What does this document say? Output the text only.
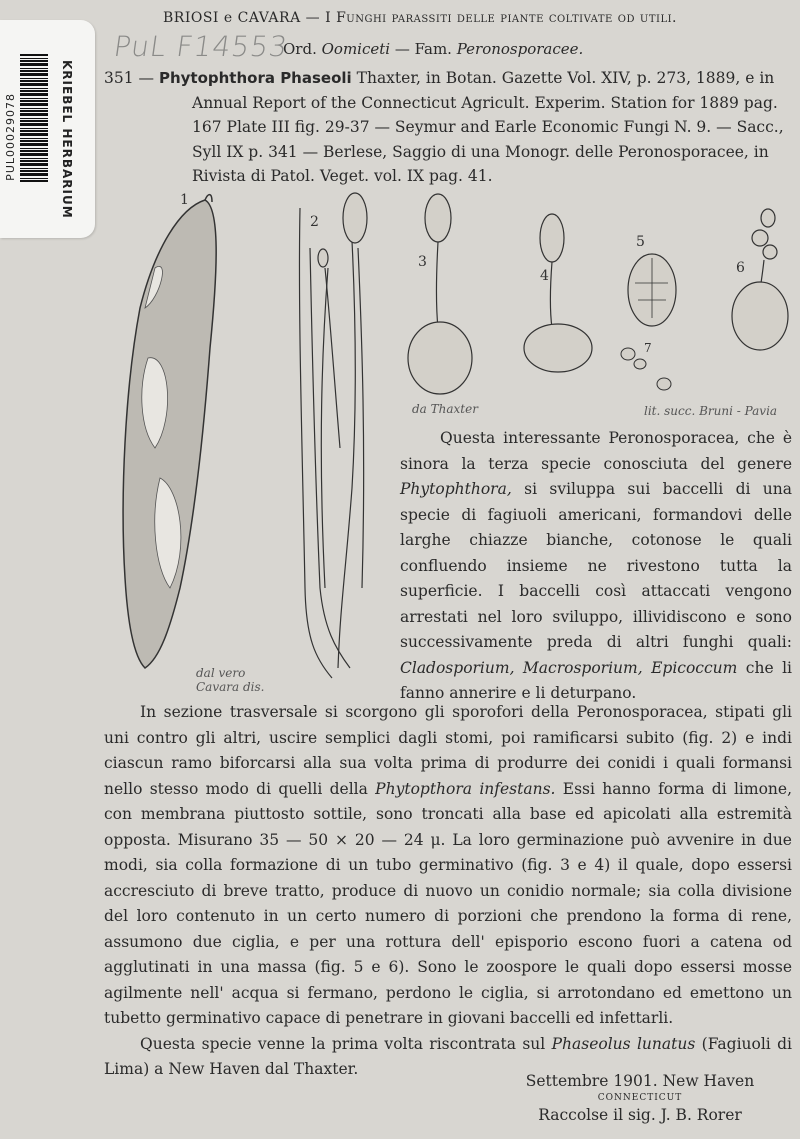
KRIEBEL HERBARIUM
PUL00029078
BRIOSI e CAVARA — I Funghi parassiti delle piante coltivate od utili.
PuL F14553
Ord. Oomiceti — Fam. Peronosporacee.
351 — Phytophthora Phaseoli Thaxter, in Botan. Gazette Vol. XIV, p. 273, 1889, e in
Annual Report of the Connecticut Agricult. Experim. Station for 1889 pag. 167 Plate III fig. 29-37 — Seymur and Earle Economic Fungi N. 9. — Sacc., Syll IX p. 341 — Berlese, Saggio di una Monogr. delle Peronosporacee, in Rivista di Patol. Veget. vol. IX pag. 41.
1
2
3
4
5
6
7
dal vero Cavara dis.
da Thaxter	lit. succ. Bruni - Pavia

Questa interessante Peronosporacea, che è sinora la terza specie conosciuta del genere Phytophthora, si sviluppa sui baccelli di una specie di fagiuoli americani, formandovi delle larghe chiazze bianche, cotonose le quali confluendo insieme ne rivestono tutta la superficie. I baccelli così attaccati vengono arrestati nel loro sviluppo, illividiscono e sono successivamente preda di altri funghi quali: Cladosporium, Macrosporium, Epicoccum che li fanno annerire e li deturpano.

In sezione trasversale si scorgono gli sporofori della Peronosporacea, stipati gli uni contro gli altri, uscire semplici dagli stomi, poi ramificarsi subito (fig. 2) e indi ciascun ramo biforcarsi alla sua volta prima di produrre dei conidi i quali formansi nello stesso modo di quelli della Phytopthora infestans. Essi hanno forma di limone, con membrana piuttosto sottile, sono troncati alla base ed apicolati alla estremità opposta. Misurano 35 — 50 × 20 — 24 μ. La loro germinazione può avvenire in due modi, sia colla formazione di un tubo germinativo (fig. 3 e 4) il quale, dopo essersi accresciuto di breve tratto, produce di nuovo un conidio normale; sia colla divisione del loro contenuto in un certo numero di porzioni che prendono la forma di rene, assumono due ciglia, e per una rottura dell' episporio escono fuori a catena od agglutinati in una massa (fig. 5 e 6). Sono le zoospore le quali dopo essersi mosse agilmente nell' acqua si fermano, perdono le ciglia, si arrotondano ed emettono un tubetto germinativo capace di penetrare in giovani baccelli ed infettarli.

Questa specie venne la prima volta riscontrata sul Phaseolus lunatus (Fagiuoli di Lima) a New Haven dal Thaxter.

Settembre 1901. New Haven
CONNECTICUT
Raccolse il sig. J. B. Rorer
